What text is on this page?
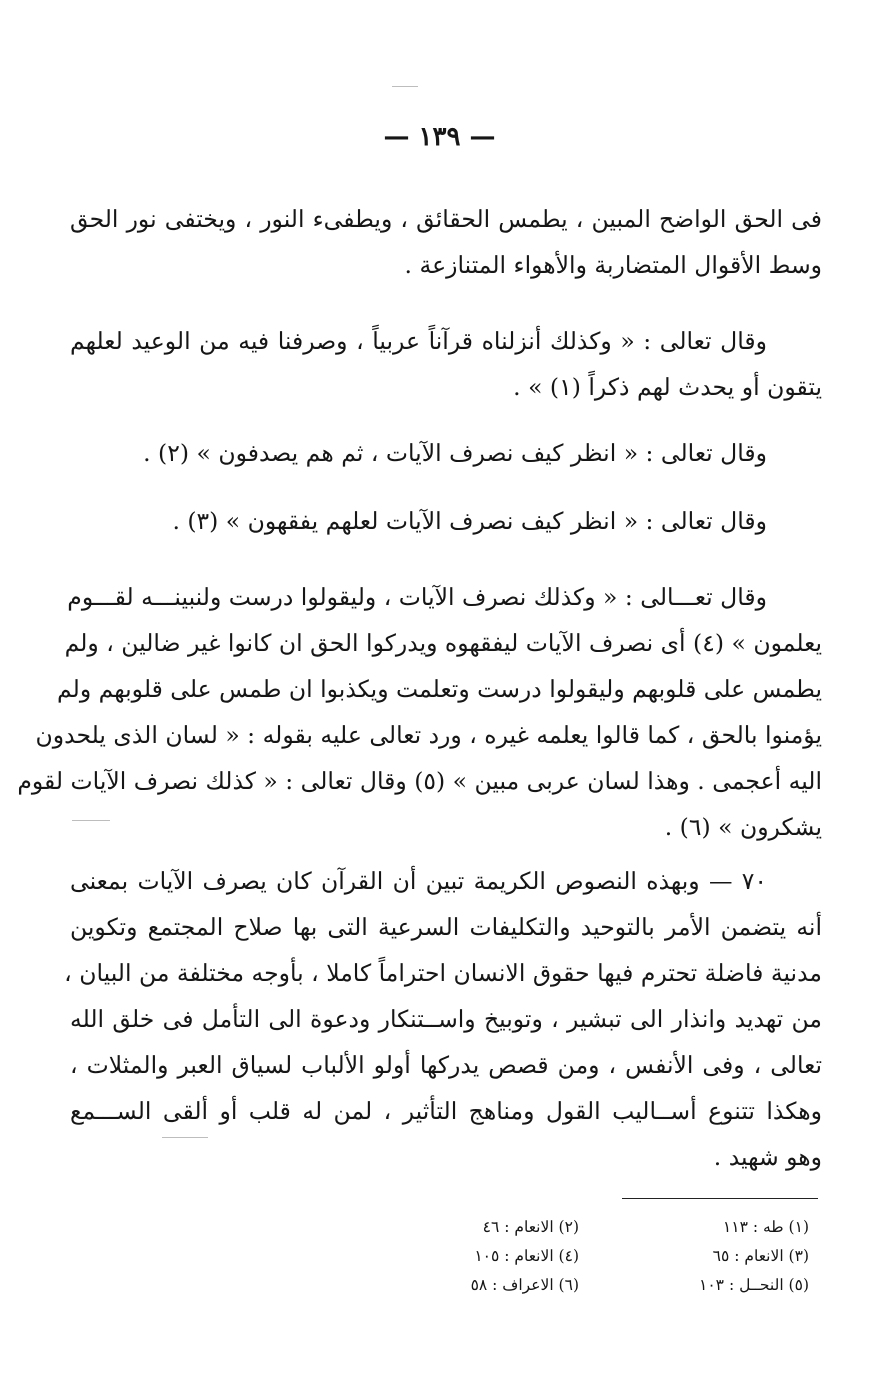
— ١٣٩ —
فى الحق الواضح المبين ، يطمس الحقائق ، ويطفىء النور ، ويختفى نور الحق
وسط الأقوال المتضاربة والأهواء المتنازعة .
وقال تعالى : « وكذلك أنزلناه قرآناً عربياً ، وصرفنا فيه من الوعيد لعلهم
يتقون أو يحدث لهم ذكراً (١) » .
وقال تعالى : « انظر كيف نصرف الآيات ، ثم هم يصدفون » (٢) .
وقال تعالى : « انظر كيف نصرف الآيات لعلهم يفقهون » (٣) .
وقال تعـــالى : « وكذلك نصرف الآيات ، وليقولوا درست ولنبينـــه لقـــوم
يعلمون » (٤) أى نصرف الآيات ليفقهوه ويدركوا الحق ان كانوا غير ضالين ، ولم
يطمس على قلوبهم وليقولوا درست وتعلمت ويكذبوا ان طمس على قلوبهم ولم
يؤمنوا بالحق ، كما قالوا يعلمه غيره ، ورد تعالى عليه بقوله : « لسان الذى يلحدون
اليه أعجمى . وهذا لسان عربى مبين » (٥) وقال تعالى : « كذلك نصرف الآيات لقوم
يشكرون » (٦) .
٧٠ — وبهذه النصوص الكريمة تبين أن القرآن كان يصرف الآيات بمعنى
أنه يتضمن الأمر بالتوحيد والتكليفات السرعية التى بها صلاح المجتمع وتكوين
مدنية فاضلة تحترم فيها حقوق الانسان احتراماً كاملا ، بأوجه مختلفة من البيان ،
من تهديد وانذار الى تبشير ، وتوبيخ واســتنكار ودعوة الى التأمل فى خلق الله
تعالى ، وفى الأنفس ، ومن قصص يدركها أولو الألباب لسياق العبر والمثلات ،
وهكذا تتنوع أســاليب القول ومناهج التأثير ، لمن له قلب أو ألقى الســـمع
وهو شهيد .
(١) طه : ١١٣
(٢) الانعام : ٤٦
(٣) الانعام : ٦٥
(٤) الانعام : ١٠٥
(٥) النحــل : ١٠٣
(٦) الاعراف : ٥٨
